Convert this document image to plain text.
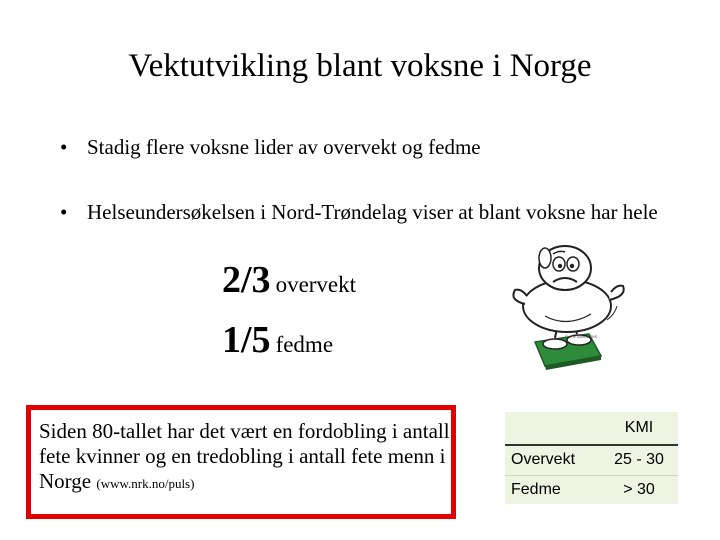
Vektutvikling blant voksne i Norge
• Stadig flere voksne lider av overvekt og fedme
• Helseundersøkelsen i Nord-Trøndelag viser at blant voksne har hele
2/3 overvekt
1/5 fedme	© The Bonus ZNS
Siden 80-tallet har det vært en fordobling i antall fete kvinner og en tredobling i antall fete menn i Norge (www.nrk.no/puls)
KMI
Overvekt	25 - 30
Fedme	> 30
